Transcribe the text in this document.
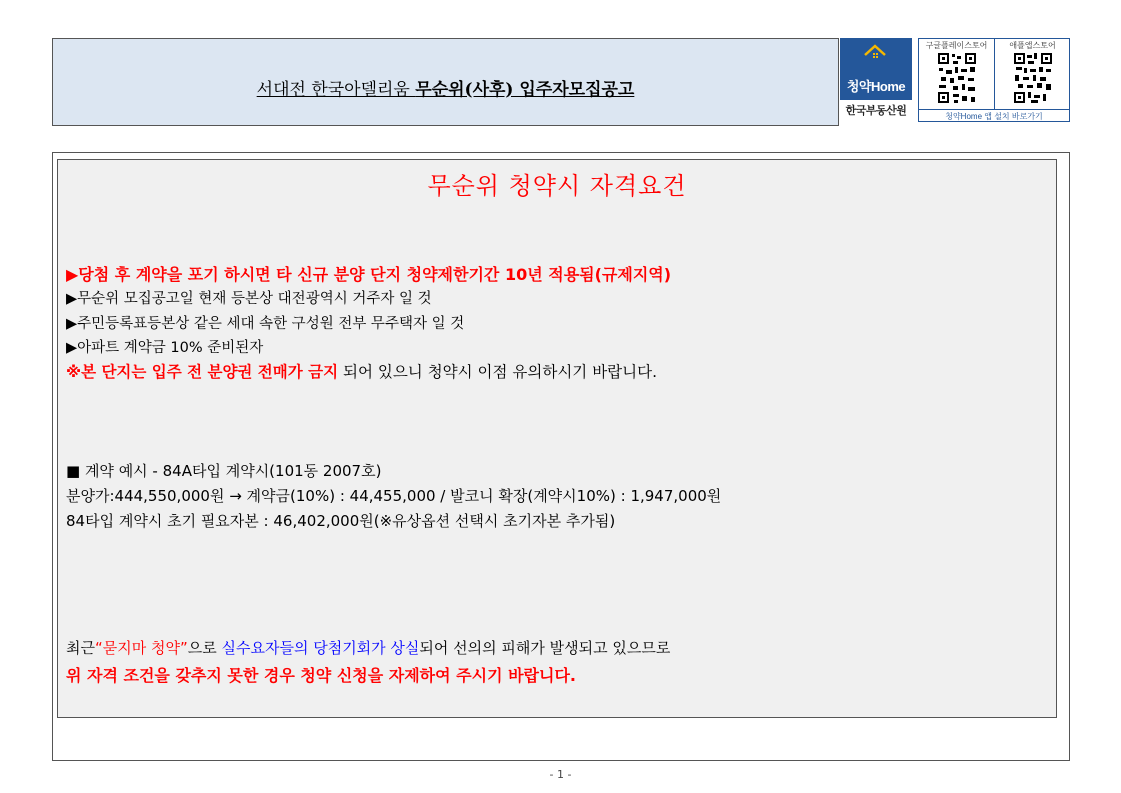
서대전 한국아델리움 무순위(사후) 입주자모집공고	청약Home
한국부동산원
구글플레이스토어	애플앱스토어
청약Home 앱 설치 바로가기
무순위 청약시 자격요건
▶당첨 후 계약을 포기 하시면 타 신규 분양 단지 청약제한기간 10년 적용됨(규제지역)
▶무순위 모집공고일 현재 등본상 대전광역시 거주자 일 것
▶주민등록표등본상 같은 세대 속한 구성원 전부 무주택자 일 것
▶아파트 계약금 10% 준비된자
※본 단지는 입주 전 분양권 전매가 금지 되어 있으니 청약시 이점 유의하시기 바랍니다.
■ 계약 예시 - 84A타입 계약시(101동 2007호)
분양가:444,550,000원 → 계약금(10%) : 44,455,000 / 발코니 확장(계약시10%) : 1,947,000원
84타입 계약시 초기 필요자본 : 46,402,000원(※유상옵션 선택시 초기자본 추가됨)
최근“묻지마 청약”으로 실수요자들의 당첨기회가 상실되어 선의의 피해가 발생되고 있으므로
위 자격 조건을 갖추지 못한 경우 청약 신청을 자제하여 주시기 바랍니다.
- 1 -
